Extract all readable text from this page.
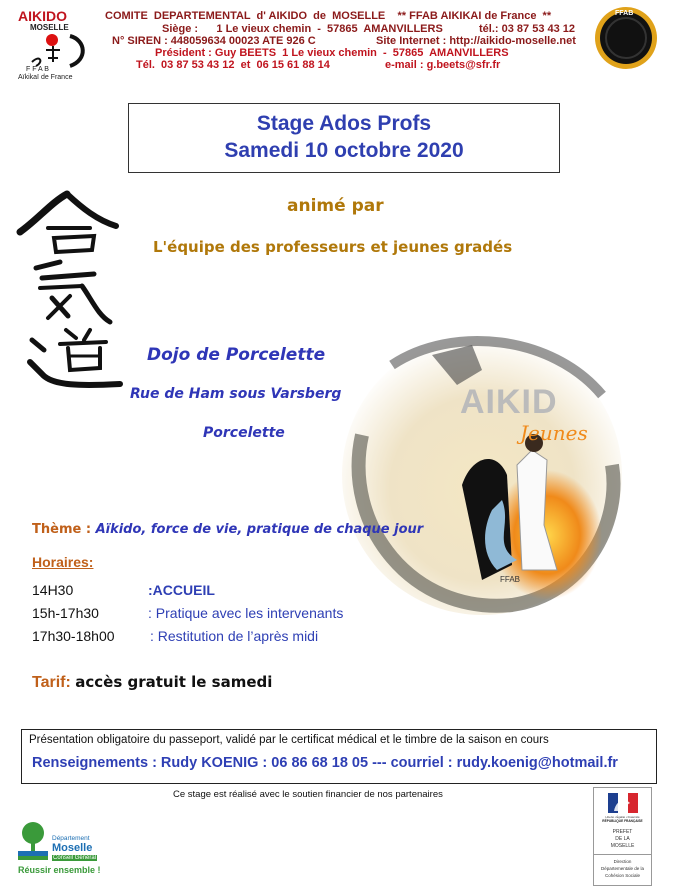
AIKIDO
MOSELLE
F F A B
Aïkikaï de France
COMITE  DEPARTEMENTAL  d' AIKIDO  de  MOSELLE    ** FFAB AIKIKAI de France  **
Siège :      1 Le vieux chemin  -  57865  AMANVILLERS	tél.: 03 87 53 43 12
N° SIREN : 448059634 00023 ATE 926 C	Site Internet : http://aikido-moselle.net
Président : Guy BEETS  1 Le vieux chemin  -  57865  AMANVILLERS
Tél.  03 87 53 43 12  et  06 15 61 88 14	e-mail : g.beets@sfr.fr
FFAB
Stage Ados Profs
Samedi 10 octobre 2020
animé par
L'équipe des professeurs et jeunes gradés
AIKID
Jeunes
FFAB
Dojo de Porcelette
Rue de Ham sous Varsberg
Porcelette
Thème : Aïkido, force de vie, pratique de chaque jour
Horaires:
14H30	:ACCUEIL
15h-17h30	: Pratique avec les intervenants
17h30-18h00	: Restitution de l’après midi
Tarif: accès gratuit le samedi
Présentation obligatoire du passeport, validé par le certificat médical et le timbre de la saison en cours
Renseignements : Rudy KOENIG : 06 86 68 18 05 --- courriel : rudy.koenig@hotmail.fr
Ce stage est réalisé avec le soutien financier de nos partenaires
Département
Moselle
Conseil Général
Réussir ensemble !
Liberté • Égalité • Fraternité
RÉPUBLIQUE FRANÇAISE
PREFET
DE LA
MOSELLE
Direction
Départementale de la
Cohésion Sociale
